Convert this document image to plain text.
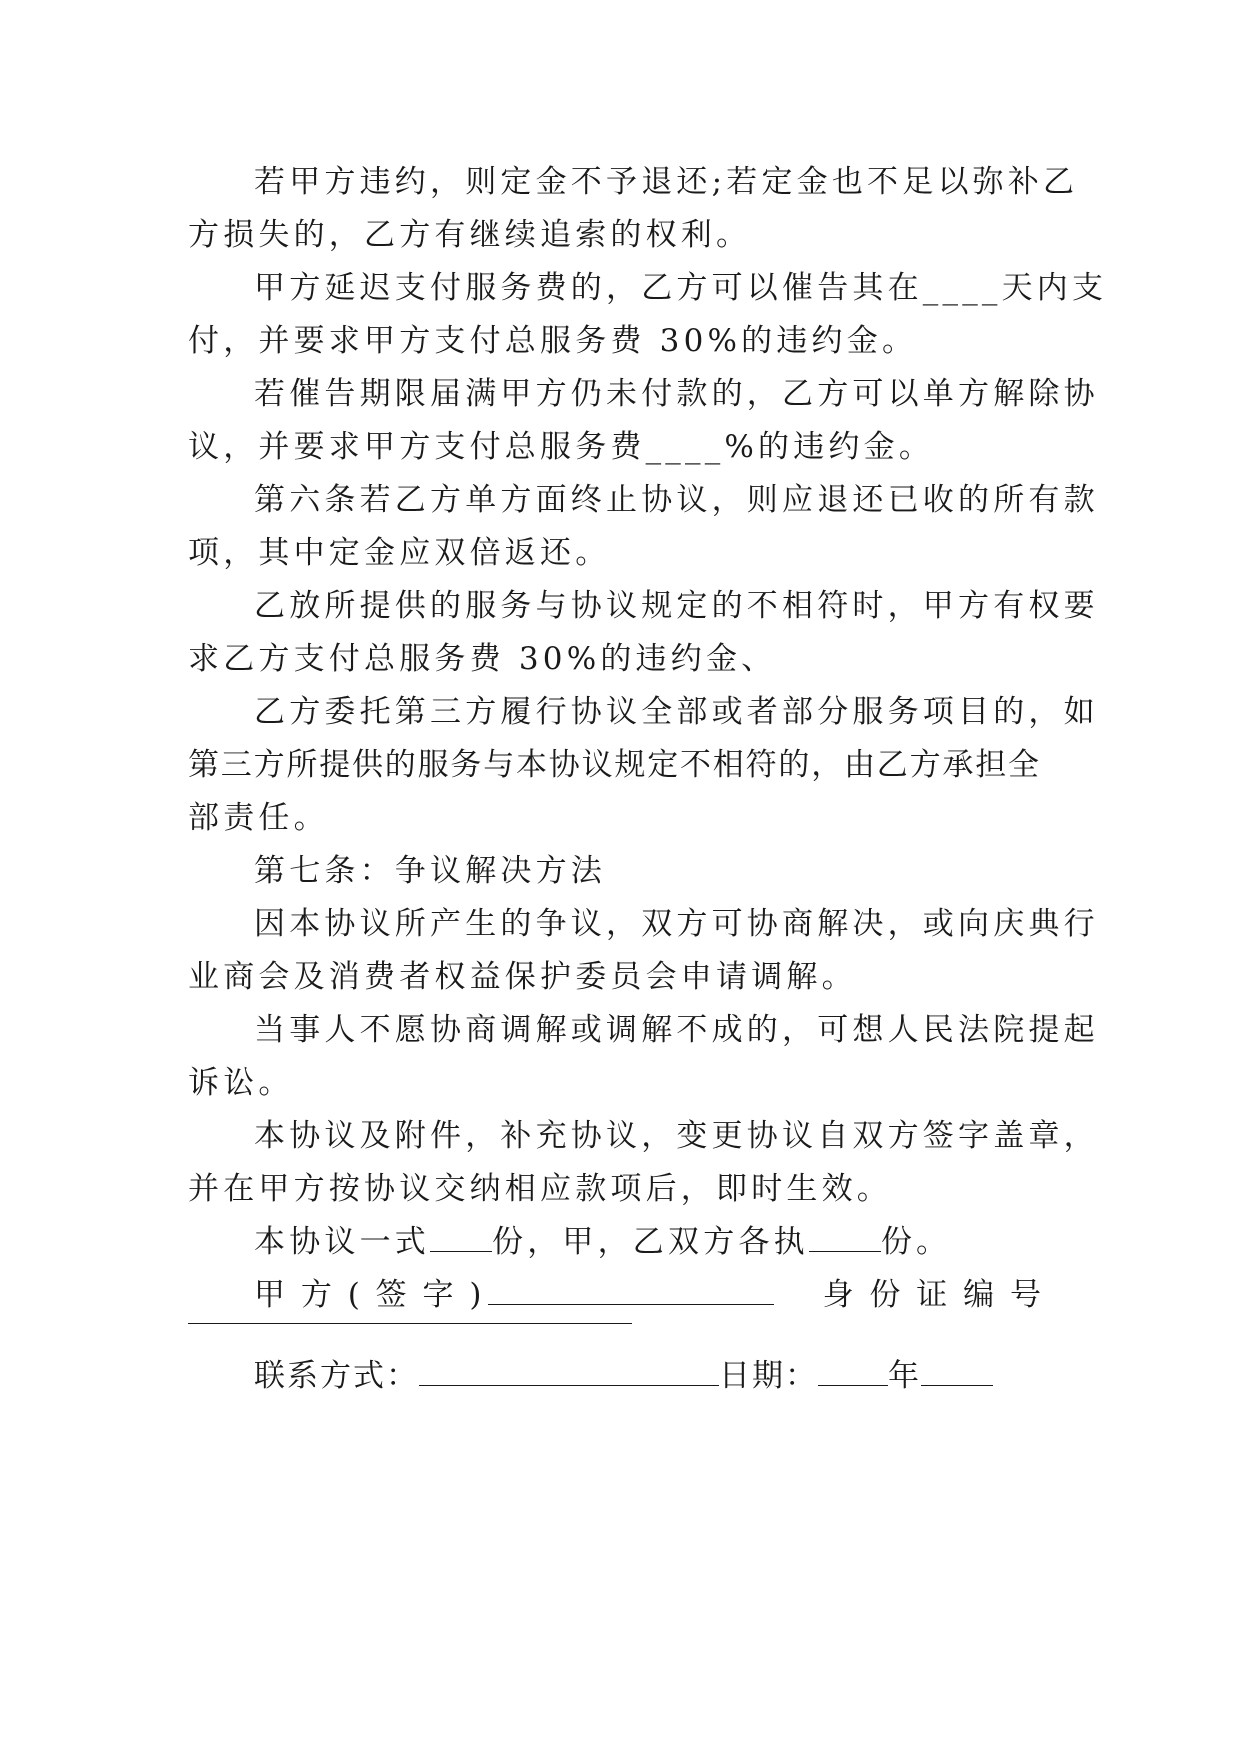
若甲方违约，则定金不予退还;若定金也不足以弥补乙
方损失的，乙方有继续追索的权利。
甲方延迟支付服务费的，乙方可以催告其在____天内支
付，并要求甲方支付总服务费 30%的违约金。
若催告期限届满甲方仍未付款的，乙方可以单方解除协
议，并要求甲方支付总服务费____%的违约金。
第六条若乙方单方面终止协议，则应退还已收的所有款
项，其中定金应双倍返还。
乙放所提供的服务与协议规定的不相符时，甲方有权要
求乙方支付总服务费 30%的违约金、
乙方委托第三方履行协议全部或者部分服务项目的，如
第三方所提供的服务与本协议规定不相符的，由乙方承担全
部责任。
第七条：争议解决方法
因本协议所产生的争议，双方可协商解决，或向庆典行
业商会及消费者权益保护委员会申请调解。
当事人不愿协商调解或调解不成的，可想人民法院提起
诉讼。
本协议及附件，补充协议，变更协议自双方签字盖章，
并在甲方按协议交纳相应款项后，即时生效。
本协议一式 份，甲，乙双方各执 份。
甲 方 ( 签 字 )	身 份 证 编 号
联系方式：	日期： 年
